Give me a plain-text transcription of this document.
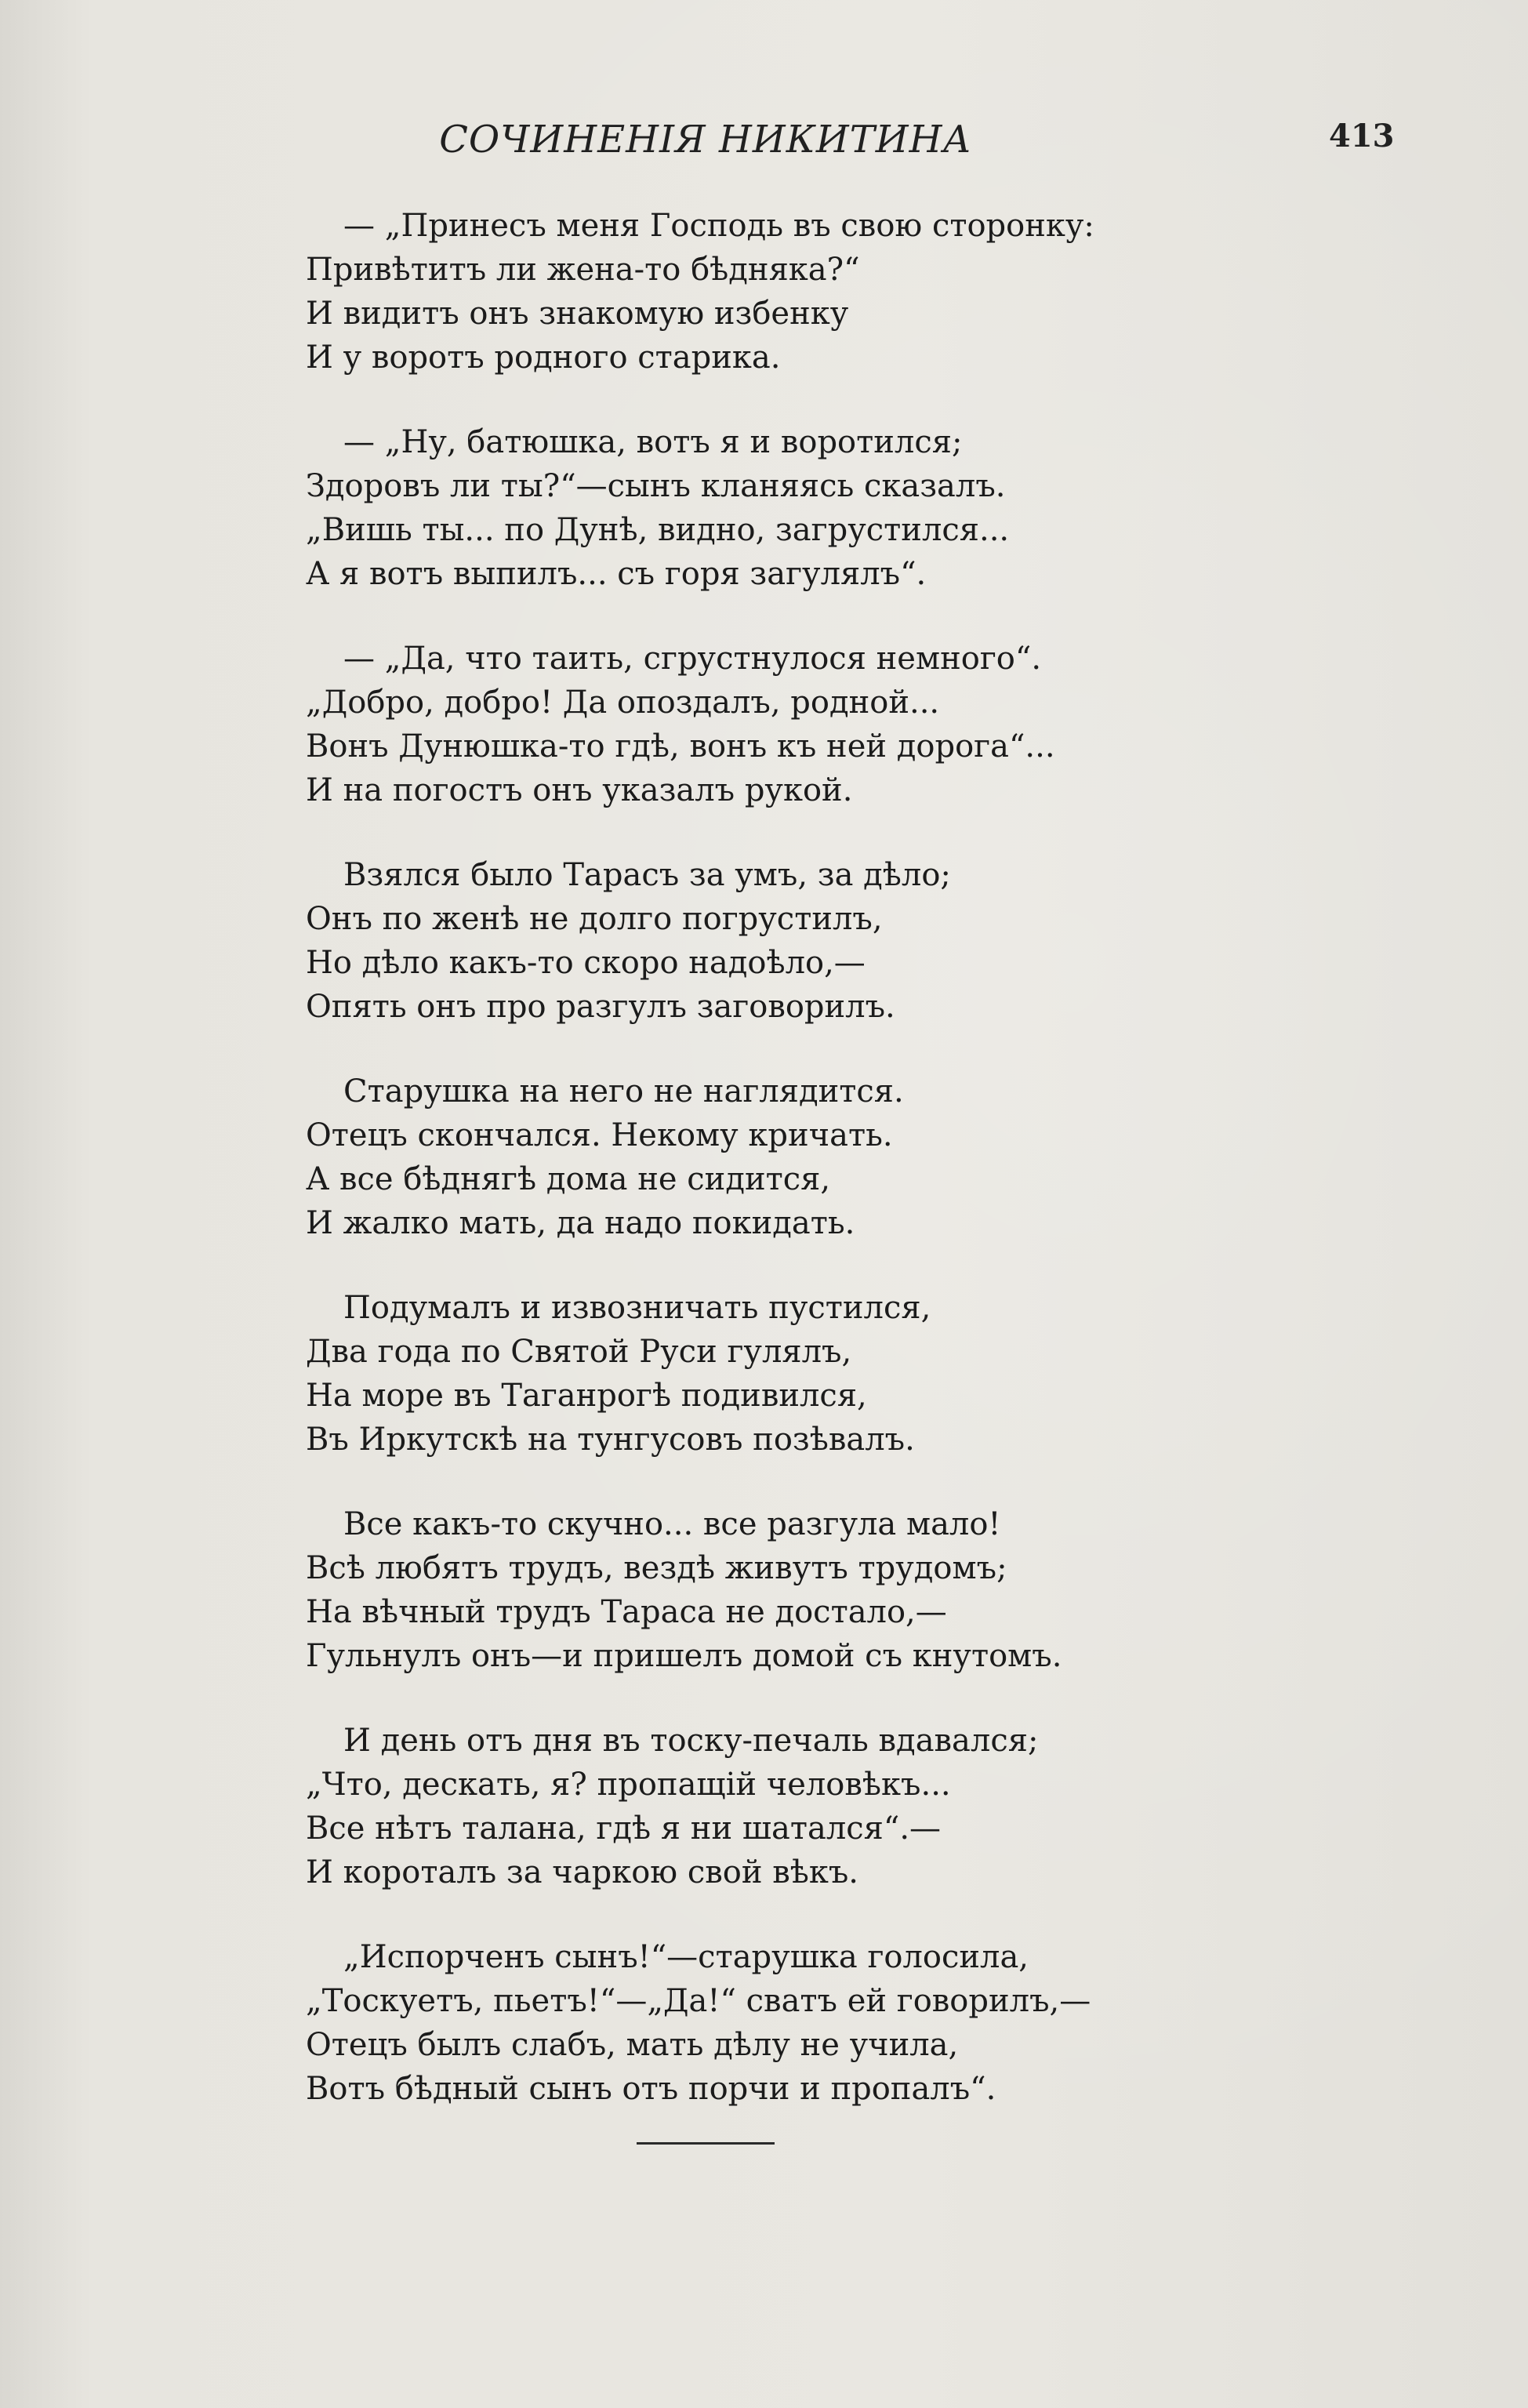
СОЧИНЕНІЯ НИКИТИНА	413
— „Принесъ меня Господь въ свою сторонку:
Привѣтитъ ли жена-то бѣдняка?“
И видитъ онъ знакомую избенку
И у воротъ родного старика.
— „Ну, батюшка, вотъ я и воротился;
Здоровъ ли ты?“—сынъ кланяясь сказалъ.
„Вишь ты... по Дунѣ, видно, загрустился...
А я вотъ выпилъ... съ горя загулялъ“.
— „Да, что таить, сгрустнулося немного“.
„Добро, добро! Да опоздалъ, родной...
Вонъ Дунюшка-то гдѣ, вонъ къ ней дорога“...
И на погостъ онъ указалъ рукой.
Взялся было Тарасъ за умъ, за дѣло;
Онъ по женѣ не долго погрустилъ,
Но дѣло какъ-то скоро надоѣло,—
Опять онъ про разгулъ заговорилъ.
Старушка на него не наглядится.
Отецъ скончался. Некому кричать.
А все бѣднягѣ дома не сидится,
И жалко мать, да надо покидать.
Подумалъ и извозничать пустился,
Два года по Святой Руси гулялъ,
На море въ Таганрогѣ подивился,
Въ Иркутскѣ на тунгусовъ позѣвалъ.
Все какъ-то скучно... все разгула мало!
Всѣ любятъ трудъ, вездѣ живутъ трудомъ;
На вѣчный трудъ Тараса не достало,—
Гульнулъ онъ—и пришелъ домой съ кнутомъ.
И день отъ дня въ тоску-печаль вдавался;
„Что, дескать, я? пропащій человѣкъ...
Все нѣтъ талана, гдѣ я ни шатался“.—
И короталъ за чаркою свой вѣкъ.
„Испорченъ сынъ!“—старушка голосила,
„Тоскуетъ, пьетъ!“—„Да!“ сватъ ей говорилъ,—
Отецъ былъ слабъ, мать дѣлу не учила,
Вотъ бѣдный сынъ отъ порчи и пропалъ“.
